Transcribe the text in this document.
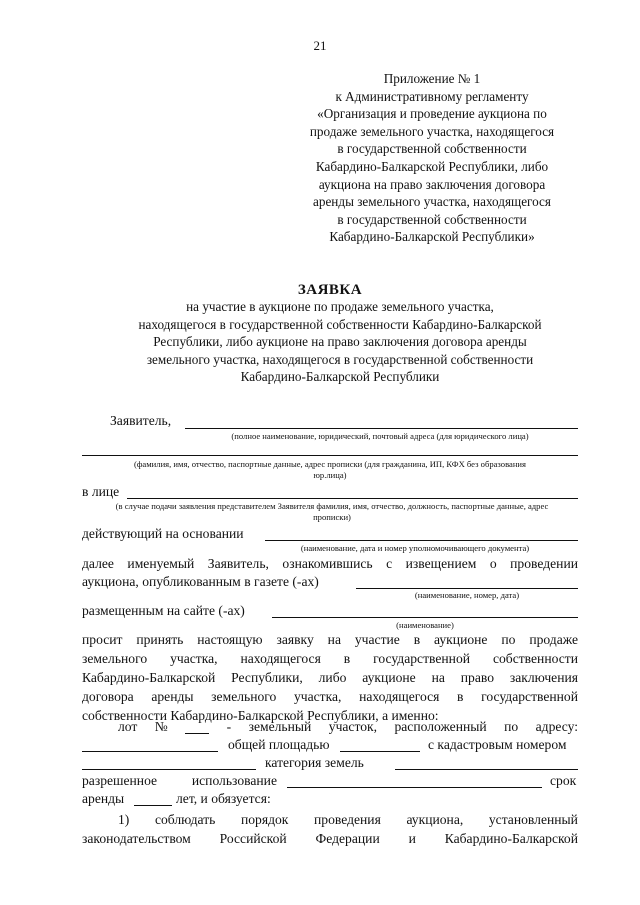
21
Приложение № 1
к Административному регламенту
«Организация и проведение аукциона по
продаже земельного участка, находящегося
в государственной собственности
Кабардино-Балкарской Республики, либо
аукциона на право заключения договора
аренды земельного участка, находящегося
в государственной собственности
Кабардино-Балкарской Республики»
ЗАЯВКА
на участие в аукционе по продаже земельного участка,
находящегося в государственной собственности Кабардино-Балкарской
Республики, либо аукционе на право заключения договора аренды
земельного участка, находящегося в государственной собственности
Кабардино-Балкарской Республики
Заявитель,
(полное наименование, юридический, почтовый адреса (для юридического лица)
(фамилия, имя, отчество, паспортные данные, адрес прописки (для гражданина, ИП, КФХ без образования
юр.лица)
в лице
(в случае подачи заявления представителем Заявителя фамилия, имя, отчество, должность, паспортные данные, адрес
прописки)
действующий на основании
(наименование, дата и номер уполномочивающего документа)
далее именуемый Заявитель, ознакомившись с извещением о проведении
аукциона, опубликованным в газете (-ах)
(наименование, номер, дата)
размещенным на сайте (-ах)
(наименование)
просит принять настоящую заявку на участие в аукционе по продаже
земельного участка, находящегося в государственной собственности
Кабардино-Балкарской Республики, либо аукционе на право заключения
договора аренды земельного участка, находящегося в государственной
собственности Кабардино-Балкарской Республики, а именно:
лот №	- земельный участок, расположенный по адресу:
общей площадью	с кадастровым номером
категория земель
разрешенное	использование	срок
аренды	лет, и обязуется:
1) соблюдать порядок проведения аукциона, установленный
законодательством Российской Федерации и Кабардино-Балкарской
